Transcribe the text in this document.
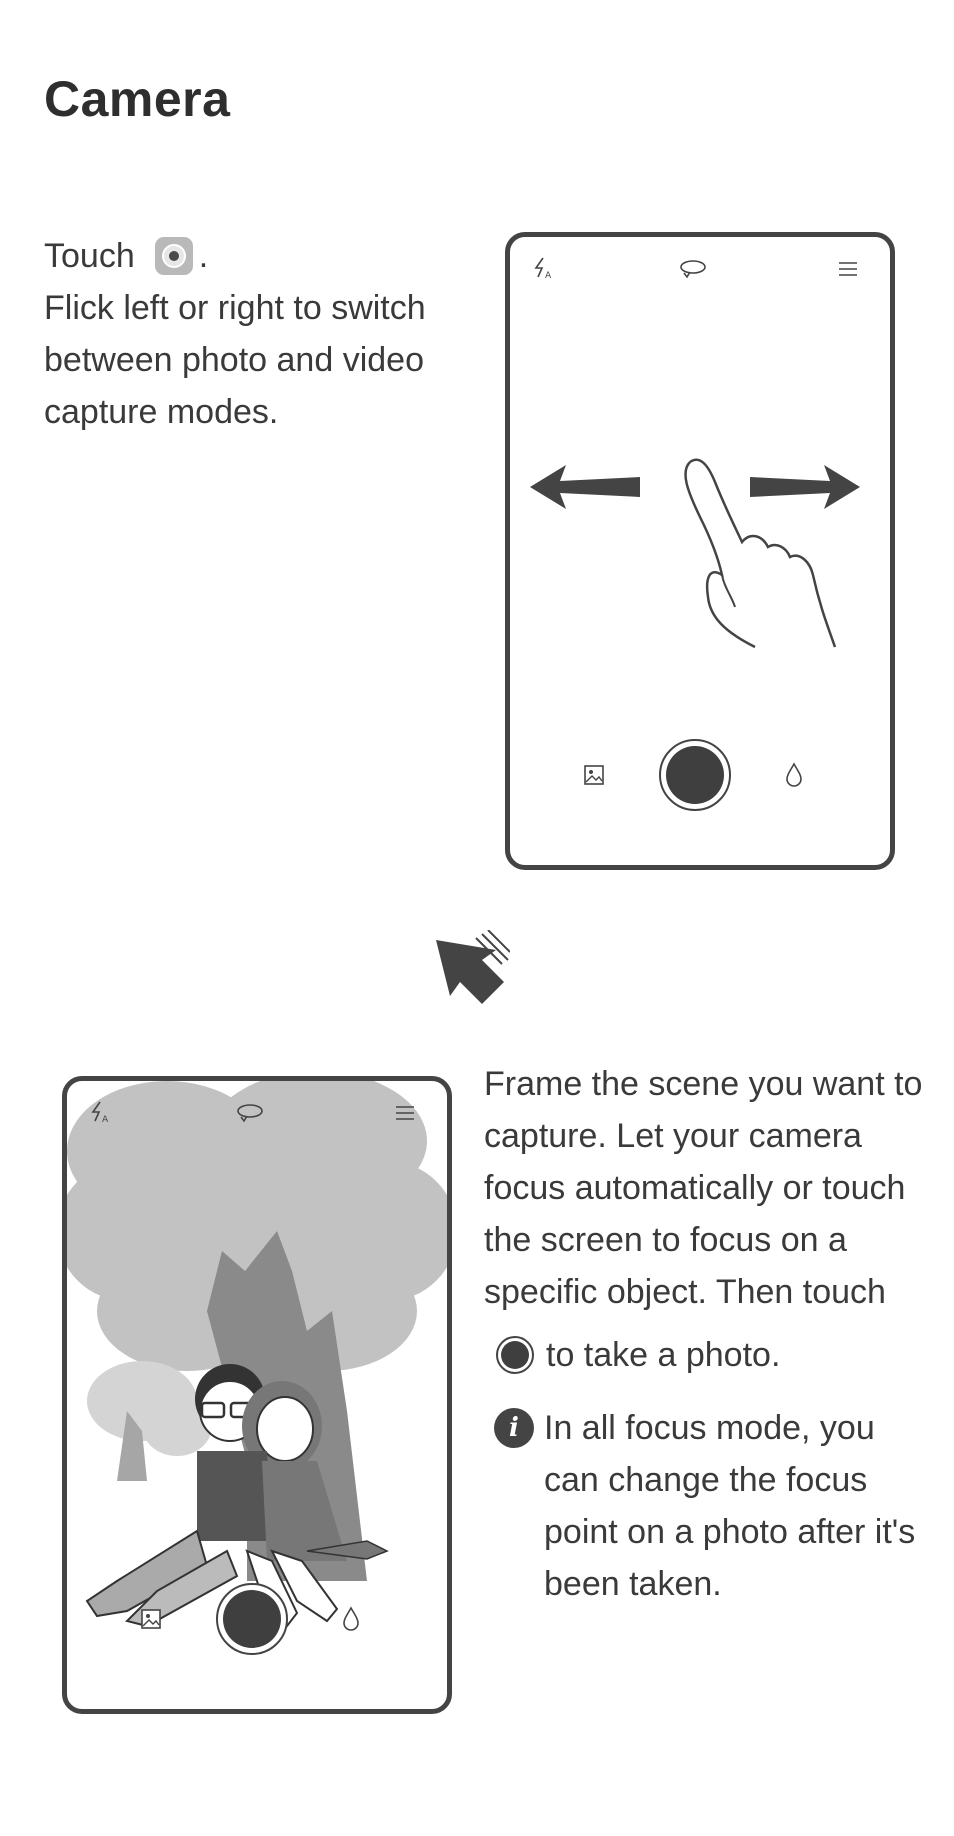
Camera
Touch .
Flick left or right to switch between photo and video capture modes.
A
A
Frame the scene you want to capture. Let your camera focus automatically or touch the screen to focus on a specific object. Then touch
to take a photo.
i In all focus mode, you can change the focus point on a photo after it's been taken.
